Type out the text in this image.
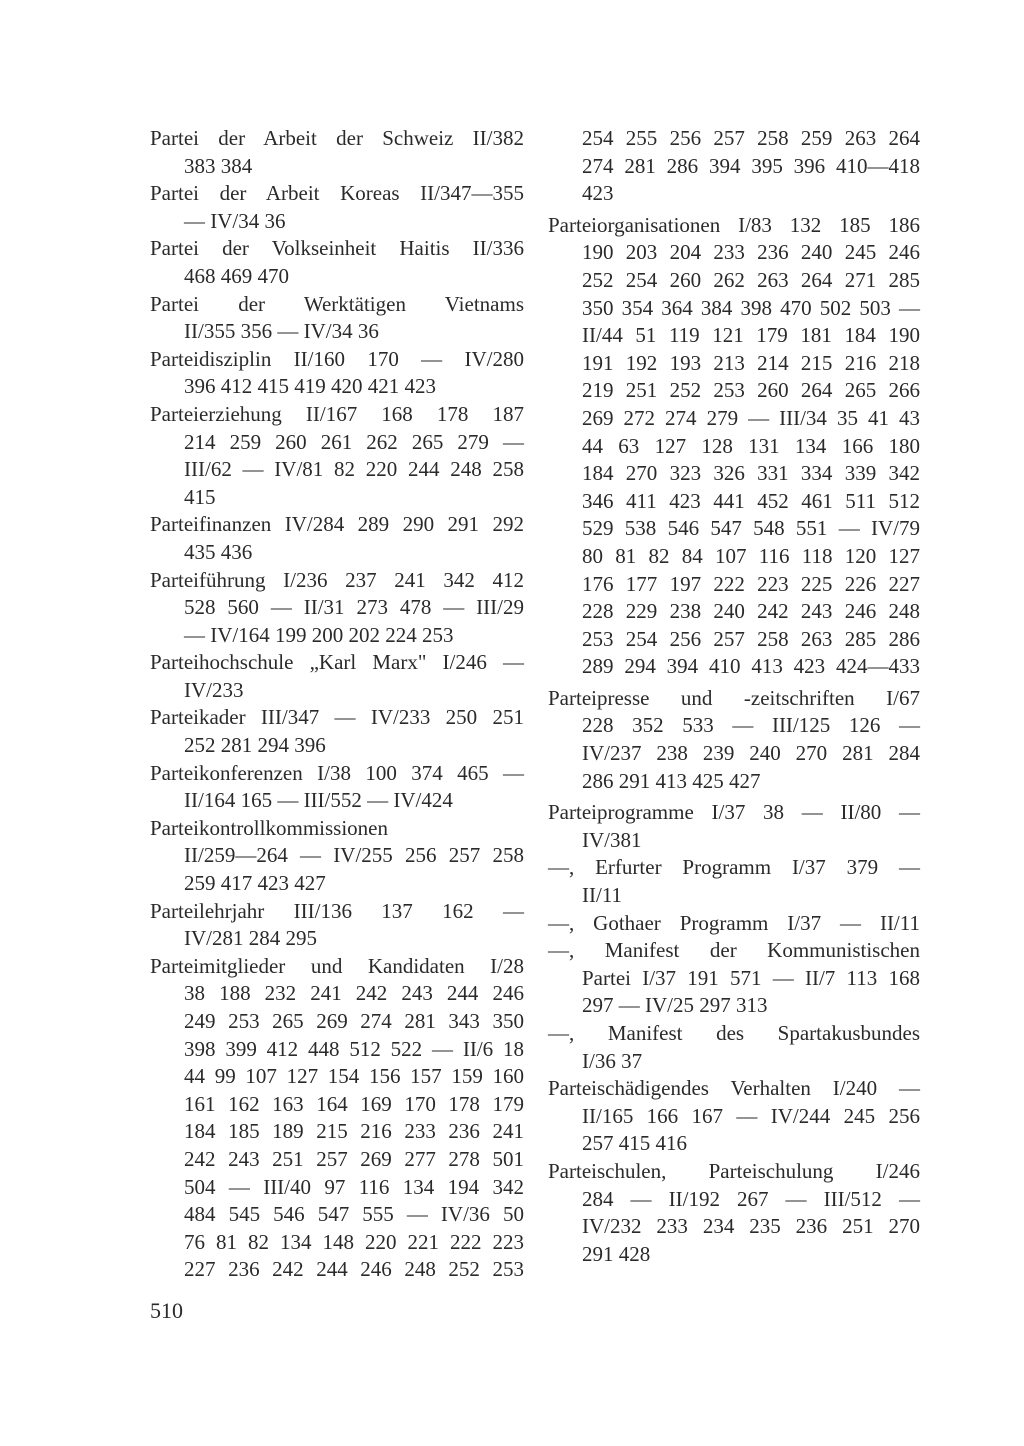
Partei der Arbeit der Schweiz II/382
383 384
Partei der Arbeit Koreas II/347—355
— IV/34 36
Partei der Volkseinheit Haitis II/336
468 469 470
Partei der Werktätigen Vietnams
II/355 356 — IV/34 36
Parteidisziplin II/160 170 — IV/280
396 412 415 419 420 421 423
Parteierziehung II/167 168 178 187
214 259 260 261 262 265 279 —
III/62 — IV/81 82 220 244 248 258
415
Parteifinanzen IV/284 289 290 291 292
435 436
Parteiführung I/236 237 241 342 412
528 560 — II/31 273 478 — III/29
— IV/164 199 200 202 224 253
Parteihochschule „Karl Marx" I/246 —
IV/233
Parteikader III/347 — IV/233 250 251
252 281 294 396
Parteikonferenzen I/38 100 374 465 —
II/164 165 — III/552 — IV/424
Parteikontrollkommissionen
II/259—264 — IV/255 256 257 258
259 417 423 427
Parteilehrjahr III/136 137 162 —
IV/281 284 295
Parteimitglieder und Kandidaten I/28
38 188 232 241 242 243 244 246
249 253 265 269 274 281 343 350
398 399 412 448 512 522 — II/6 18
44 99 107 127 154 156 157 159 160
161 162 163 164 169 170 178 179
184 185 189 215 216 233 236 241
242 243 251 257 269 277 278 501
504 — III/40 97 116 134 194 342
484 545 546 547 555 — IV/36 50
76 81 82 134 148 220 221 222 223
227 236 242 244 246 248 252 253
254 255 256 257 258 259 263 264
274 281 286 394 395 396 410—418
423
Parteiorganisationen I/83 132 185 186
190 203 204 233 236 240 245 246
252 254 260 262 263 264 271 285
350 354 364 384 398 470 502 503 —
II/44 51 119 121 179 181 184 190
191 192 193 213 214 215 216 218
219 251 252 253 260 264 265 266
269 272 274 279 — III/34 35 41 43
44 63 127 128 131 134 166 180
184 270 323 326 331 334 339 342
346 411 423 441 452 461 511 512
529 538 546 547 548 551 — IV/79
80 81 82 84 107 116 118 120 127
176 177 197 222 223 225 226 227
228 229 238 240 242 243 246 248
253 254 256 257 258 263 285 286
289 294 394 410 413 423 424—433
Parteipresse und -zeitschriften I/67
228 352 533 — III/125 126 —
IV/237 238 239 240 270 281 284
286 291 413 425 427
Parteiprogramme I/37 38 — II/80 —
IV/381
—, Erfurter Programm I/37 379 —
II/11
—, Gothaer Programm I/37 — II/11
—, Manifest der Kommunistischen
Partei I/37 191 571 — II/7 113 168
297 — IV/25 297 313
—, Manifest des Spartakusbundes
I/36 37
Parteischädigendes Verhalten I/240 —
II/165 166 167 — IV/244 245 256
257 415 416
Parteischulen, Parteischulung I/246
284 — II/192 267 — III/512 —
IV/232 233 234 235 236 251 270
291 428
510
